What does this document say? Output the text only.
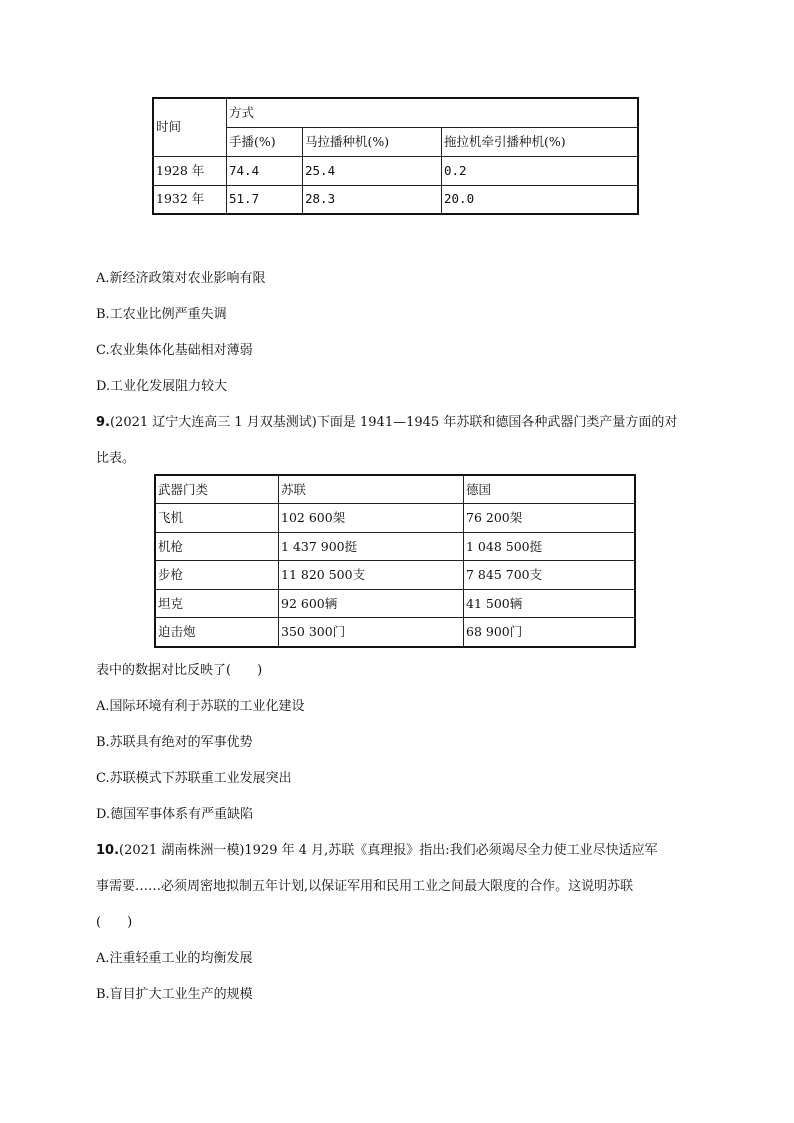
时间	方式		
	手播(%)	马拉播种机(%)	拖拉机牵引播种机(%)
1928 年	74.4	25.4	0.2
1932 年	51.7	28.3	20.0
A.新经济政策对农业影响有限
B.工农业比例严重失调
C.农业集体化基础相对薄弱
D.工业化发展阻力较大
9.(2021 辽宁大连高三 1 月双基测试)下面是 1941—1945 年苏联和德国各种武器门类产量方面的对
比表。
武器门类	苏联	德国
飞机	102 600架	76 200架
机枪	1 437 900挺	1 048 500挺
步枪	11 820 500支	7 845 700支
坦克	92 600辆	41 500辆
迫击炮	350 300门	68 900门
表中的数据对比反映了(　　)
A.国际环境有利于苏联的工业化建设
B.苏联具有绝对的军事优势
C.苏联模式下苏联重工业发展突出
D.德国军事体系有严重缺陷
10.(2021 湖南株洲一模)1929 年 4 月,苏联《真理报》指出:我们必须竭尽全力使工业尽快适应军
事需要……必须周密地拟制五年计划,以保证军用和民用工业之间最大限度的合作。这说明苏联
(　　)
A.注重轻重工业的均衡发展
B.盲目扩大工业生产的规模
